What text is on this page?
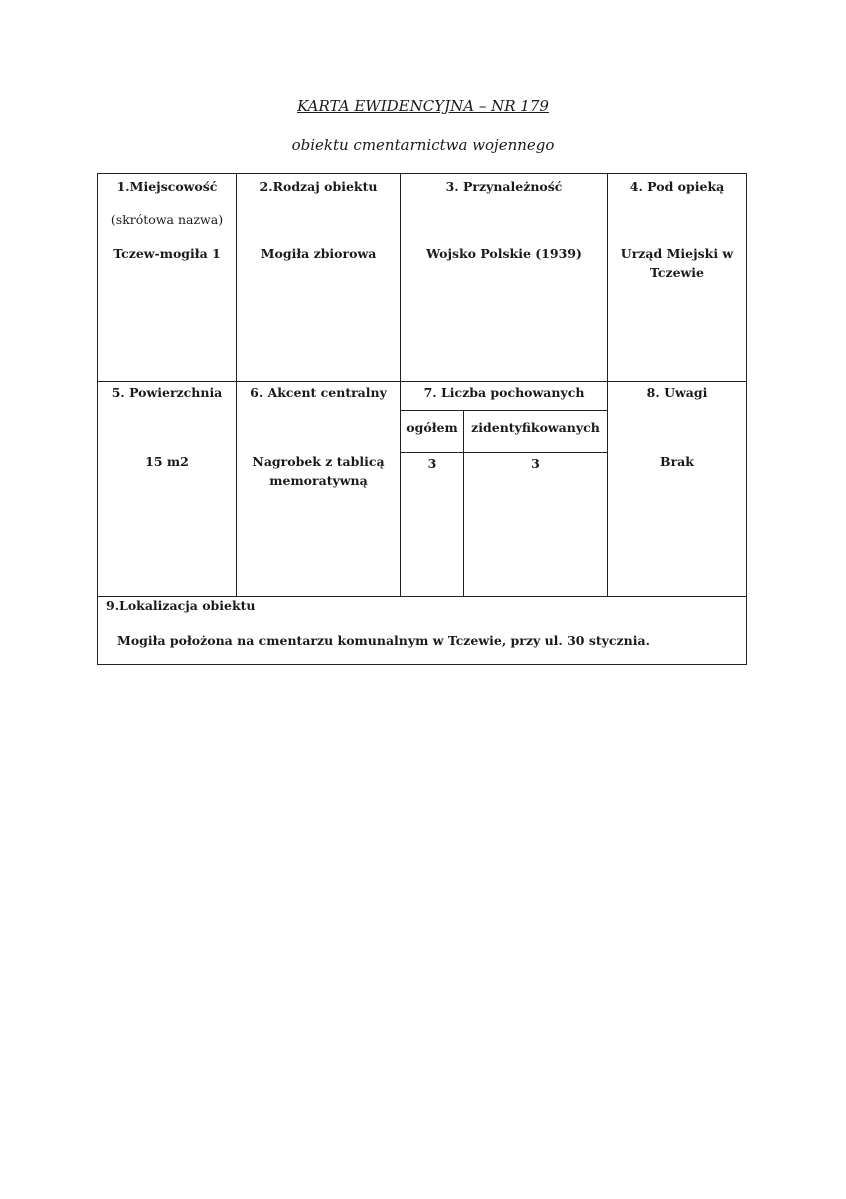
KARTA EWIDENCYJNA – NR 179
obiektu cmentarnictwa wojennego
1.Miejscowość
(skrótowa nazwa)
Tczew-mogiła 1
2.Rodzaj obiektu
Mogiła zbiorowa
3. Przynależność
Wojsko Polskie (1939)
4. Pod opieką
Urząd Miejski w
Tczewie
5. Powierzchnia
15 m2
6. Akcent centralny
Nagrobek z tablicą
memoratywną
7. Liczba pochowanych
ogółem	zidentyfikowanych
3	3
8. Uwagi
Brak
9.Lokalizacja obiektu
Mogiła położona na cmentarzu komunalnym w Tczewie, przy ul. 30 stycznia.
